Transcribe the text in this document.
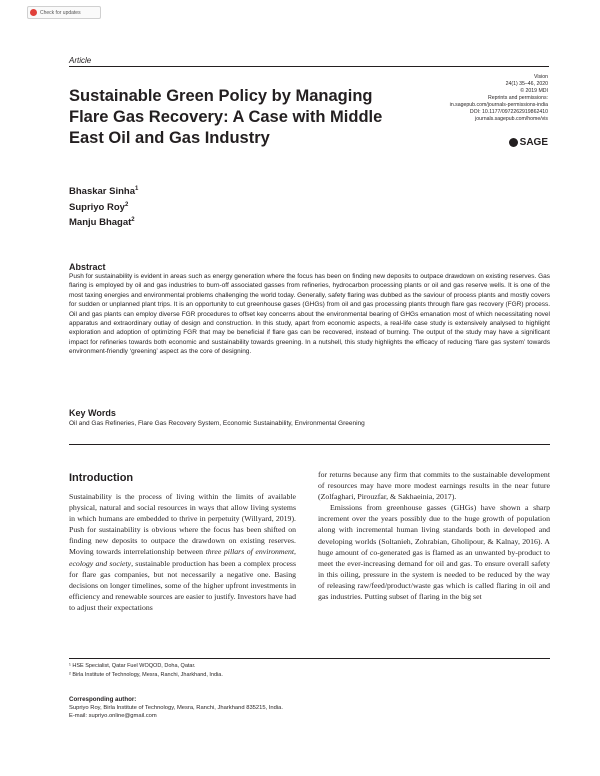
Check for updates
Article
Sustainable Green Policy by Managing Flare Gas Recovery: A Case with Middle East Oil and Gas Industry
Vision
24(1) 35–46, 2020
© 2019 MDI
Reprints and permissions:
in.sagepub.com/journals-permissions-india
DOI: 10.1177/0972262919862410
journals.sagepub.com/home/vis
SAGE
Bhaskar Sinha$^1$
Supriyo Roy$^2$
Manju Bhagat$^2$
Abstract
Push for sustainability is evident in areas such as energy generation where the focus has been on finding new deposits to outpace drawdown on existing reserves. Gas flaring is employed by oil and gas industries to burn-off associated gasses from refineries, hydrocarbon processing plants or oil and gas reserve wells. It is one of the most taxing energies and environmental problems challenging the world today. Generally, safety flaring was dubbed as the saviour of process plants and mostly covers for sudden or unplanned plant trips. It is an opportunity to cut greenhouse gases (GHGs) from oil and gas processing plants through flare gas recovery (FGR) process. Oil and gas plants can employ diverse FGR procedures to offset key concerns about the environmental bearing of GHGs emanation most of which necessitating novel apparatus and extraordinary outlay of design and construction. In this study, apart from economic aspects, a real-life case study is extensively analysed to highlight exploration and adoption of optimizing FGR that may be beneficial if flare gas can be recovered, instead of burning. The output of the study may have a significant impact for refineries towards both economic and sustainability towards greening. In a nutshell, this study highlights the efficacy of reducing ‘flare gas system’ towards environment-friendly ‘greening’ aspect as the core of designing.
Key Words
Oil and Gas Refineries, Flare Gas Recovery System, Economic Sustainability, Environmental Greening
Introduction

Sustainability is the process of living within the limits of available physical, natural and social resources in ways that allow living systems in which humans are embedded to thrive in perpetuity (Willyard, 2019). Push for sustainability is obvious where the focus has been shifted on finding new deposits to outpace the drawdown on existing reserves. Moving towards interrelationship between three pillars of environment, ecology and society, sustainable production has been a complex process for flare gas companies, but not necessarily a negative one. Basing decisions on longer timelines, some of the higher upfront investments in efficiency and renewable sources are easier to justify. Investors have had to adjust their expectations

for returns because any firm that commits to the sustainable development of resources may have more modest earnings results in the near future (Zolfaghari, Pirouzfar, & Sakhaeinia, 2017).

Emissions from greenhouse gasses (GHGs) have shown a sharp increment over the years possibly due to the huge growth of population along with incremental human living standards both in developed and developing worlds (Soltanieh, Zohrabian, Gholipour, & Kalnay, 2016). A huge amount of co-generated gas is flamed as an unwanted by-product to meet the ever-increasing demand for oil and gas. To ensure overall safety in this oiling, pressure in the system is needed to be reduced by the way of releasing raw/feed/product/waste gas which is called flaring in oil and gas industries. Putting subset of flaring in the big set

¹ HSE Specialist, Qatar Fuel WOQOD, Doha, Qatar.
² Birla Institute of Technology, Mesra, Ranchi, Jharkhand, India.
Corresponding author:
Supriyo Roy, Birla Institute of Technology, Mesra, Ranchi, Jharkhand 835215, India.
E-mail: supriyo.online@gmail.com
